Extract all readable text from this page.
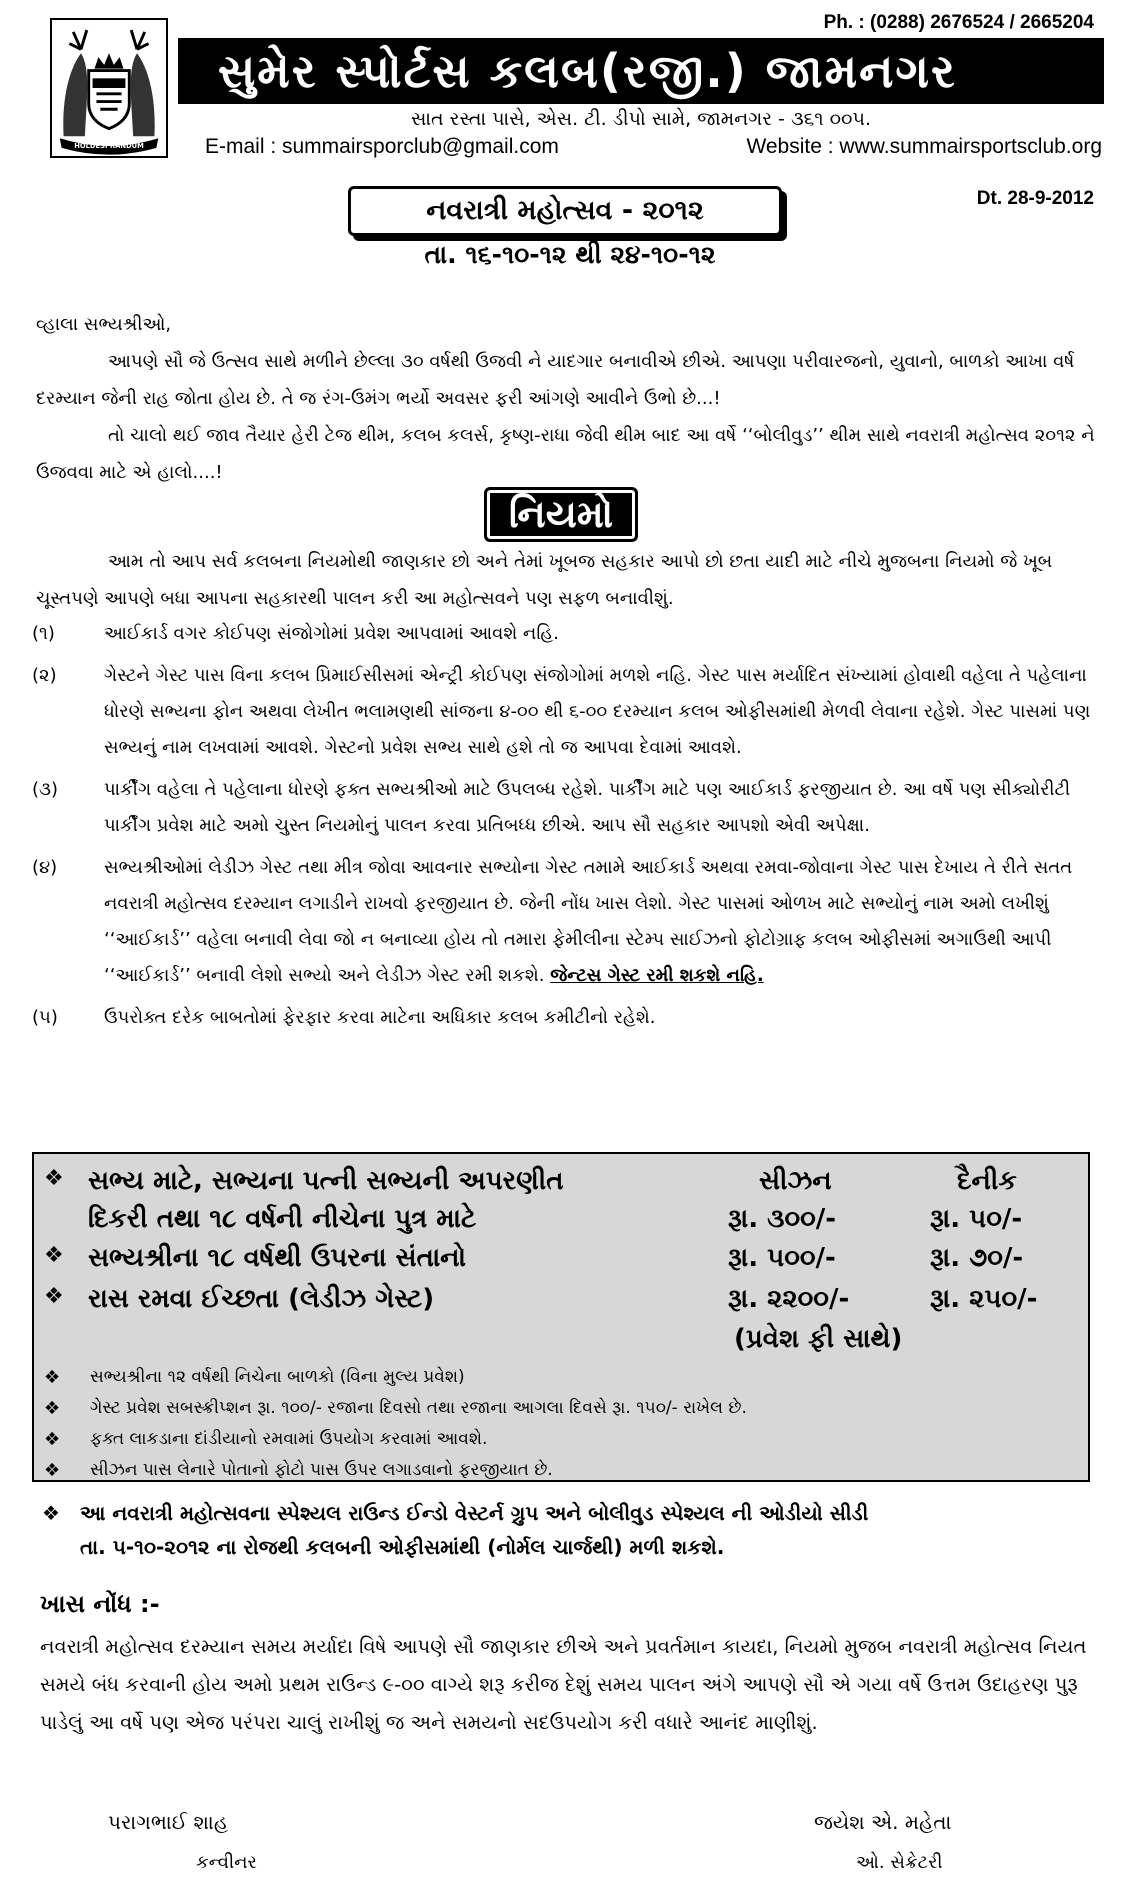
Ph. : (0288) 2676524 / 2665204
HOLDESPRANDUM
સુમેર સ્પોર્ટસ કલબ(રજી.) જામનગર
સાત રસ્તા પાસે, એસ. ટી. ડીપો સામે, જામનગર - ૩૬૧ ૦૦૫.
E-mail : summairsporclub@gmail.com	Website : www.summairsportsclub.org
નવરાત્રી મહોત્સવ - ૨૦૧૨	Dt. 28-9-2012
તા. ૧૬-૧૦-૧૨ થી ૨૪-૧૦-૧૨

વ્હાલા સભ્યશ્રીઓ,

આપણે સૌ જે ઉત્સવ સાથે મળીને છેલ્લા ૩૦ વર્ષથી ઉજવી ને યાદગાર બનાવીએ છીએ. આપણા પરીવારજનો, યુવાનો, બાળકો આખા વર્ષ દરમ્યાન જેની રાહ જોતા હોય છે. તે જ રંગ-ઉમંગ ભર્યો અવસર ફરી આંગણે આવીને ઉભો છે...!

તો ચાલો થઈ જાવ તૈયાર હેરી ટેજ થીમ, કલબ કલર્સ, કૃષ્ણ-રાધા જેવી થીમ બાદ આ વર્ષે ‘‘બોલીવુડ’’ થીમ સાથે નવરાત્રી મહોત્સવ ૨૦૧૨ ને ઉજવવા માટે એ હાલો....!

નિયમો

આમ તો આપ સર્વ કલબના નિયમોથી જાણકાર છો અને તેમાં ખૂબજ સહકાર આપો છો છતા યાદી માટે નીચે મુજબના નિયમો જે ખૂબ ચૂસ્તપણે આપણે બધા આપના સહકારથી પાલન કરી આ મહોત્સવને પણ સફળ બનાવીશું.

(૧)	આઈકાર્ડ વગર કોઈપણ સંજોગોમાં પ્રવેશ આપવામાં આવશે નહિ.
(૨)	ગેસ્ટને ગેસ્ટ પાસ વિના કલબ પ્રિમાઈસીસમાં એન્ટ્રી કોઈપણ સંજોગોમાં મળશે નહિ. ગેસ્ટ પાસ મર્યાદિત સંખ્યામાં હોવાથી વહેલા તે પહેલાના ધોરણે સભ્યના ફોન અથવા લેખીત ભલામણથી સાંજના ૪-૦૦ થી ૬-૦૦ દરમ્યાન કલબ ઓફીસમાંથી મેળવી લેવાના રહેશે. ગેસ્ટ પાસમાં પણ સભ્યનું નામ લખવામાં આવશે. ગેસ્ટનો પ્રવેશ સભ્ય સાથે હશે તો જ આપવા દેવામાં આવશે.
(૩)	પાર્કીંગ વહેલા તે પહેલાના ધોરણે ફક્ત સભ્યશ્રીઓ માટે ઉપલબ્ધ રહેશે. પાર્કીંગ માટે પણ આઈકાર્ડ ફરજીયાત છે. આ વર્ષે પણ સીક્યોરીટી પાર્કીંગ પ્રવેશ માટે અમો ચુસ્ત નિયમોનું પાલન કરવા પ્રતિબધ્ધ છીએ. આપ સૌ સહકાર આપશો એવી અપેક્ષા.
(૪)	સભ્યશ્રીઓમાં લેડીઝ ગેસ્ટ તથા મીત્ર જોવા આવનાર સભ્યોના ગેસ્ટ તમામે આઈકાર્ડ અથવા રમવા-જોવાના ગેસ્ટ પાસ દેખાય તે રીતે સતત નવરાત્રી મહોત્સવ દરમ્યાન લગાડીને રાખવો ફરજીયાત છે. જેની નોંધ ખાસ લેશો. ગેસ્ટ પાસમાં ઓળખ માટે સભ્યોનું નામ અમો લખીશું ‘‘આઈકાર્ડ’’ વહેલા બનાવી લેવા જો ન બનાવ્યા હોય તો તમારા ફેમીલીના સ્ટેમ્પ સાઈઝનો ફોટોગ્રાફ કલબ ઓફીસમાં અગાઉથી આપી ‘‘આઈકાર્ડ’’ બનાવી લેશો સભ્યો અને લેડીઝ ગેસ્ટ રમી શકશે. જેન્ટસ ગેસ્ટ રમી શકશે નહિ.
(૫)	ઉપરોક્ત દરેક બાબતોમાં ફેરફાર કરવા માટેના અધિકાર કલબ કમીટીનો રહેશે.
❖ સભ્ય માટે, સભ્યના પત્ની સભ્યની અપરણીત	સીઝન	દૈનીક
દિકરી તથા ૧૮ વર્ષની નીચેના પુત્ર માટે	રૂા. ૩૦૦/-	રૂા. ૫૦/-
❖ સભ્યશ્રીના ૧૮ વર્ષથી ઉપરના સંતાનો	રૂા. ૫૦૦/-	રૂા. ૭૦/-
❖ રાસ રમવા ઈચ્છતા (લેડીઝ ગેસ્ટ)	રૂા. ૨૨૦૦/-	રૂા. ૨૫૦/-
(પ્રવેશ ફી સાથે)
❖	સભ્યશ્રીના ૧૨ વર્ષથી નિચેના બાળકો (વિના મુલ્ય પ્રવેશ)
❖	ગેસ્ટ પ્રવેશ સબસ્ક્રીપ્શન રૂા. ૧૦૦/- રજાના દિવસો તથા રજાના આગલા દિવસે રૂા. ૧૫૦/- રાખેલ છે.
❖	ફક્ત લાકડાના દાંડીયાનો રમવામાં ઉપયોગ કરવામાં આવશે.
❖	સીઝન પાસ લેનારે પોતાનો ફોટો પાસ ઉપર લગાડવાનો ફરજીયાત છે.
❖ આ નવરાત્રી મહોત્સવના સ્પેશ્યલ રાઉન્ડ ઈન્ડો વેસ્ટર્ન ગ્રુપ અને બોલીવુડ સ્પેશ્યલ ની ઓડીયો સીડી
તા. ૫-૧૦-૨૦૧૨ ના રોજથી કલબની ઓફીસમાંથી (નોર્મલ ચાર્જથી) મળી શકશે.
ખાસ નોંધ :-
નવરાત્રી મહોત્સવ દરમ્યાન સમય મર્યાદા વિષે આપણે સૌ જાણકાર છીએ અને પ્રવર્તમાન કાયદા, નિયમો મુજબ નવરાત્રી મહોત્સવ નિયત સમયે બંધ કરવાની હોય અમો પ્રથમ રાઉન્ડ ૯-૦૦ વાગ્યે શરૂ કરીજ દેશું સમય પાલન અંગે આપણે સૌ એ ગયા વર્ષે ઉત્તમ ઉદાહરણ પુરૂ પાડેલું આ વર્ષે પણ એજ પરંપરા ચાલું રાખીશું જ અને સમયનો સદઉપયોગ કરી વધારે આનંદ માણીશું.
પરાગભાઈ શાહ
કન્વીનર
જયેશ એ. મહેતા
ઓ. સેક્રેટરી
